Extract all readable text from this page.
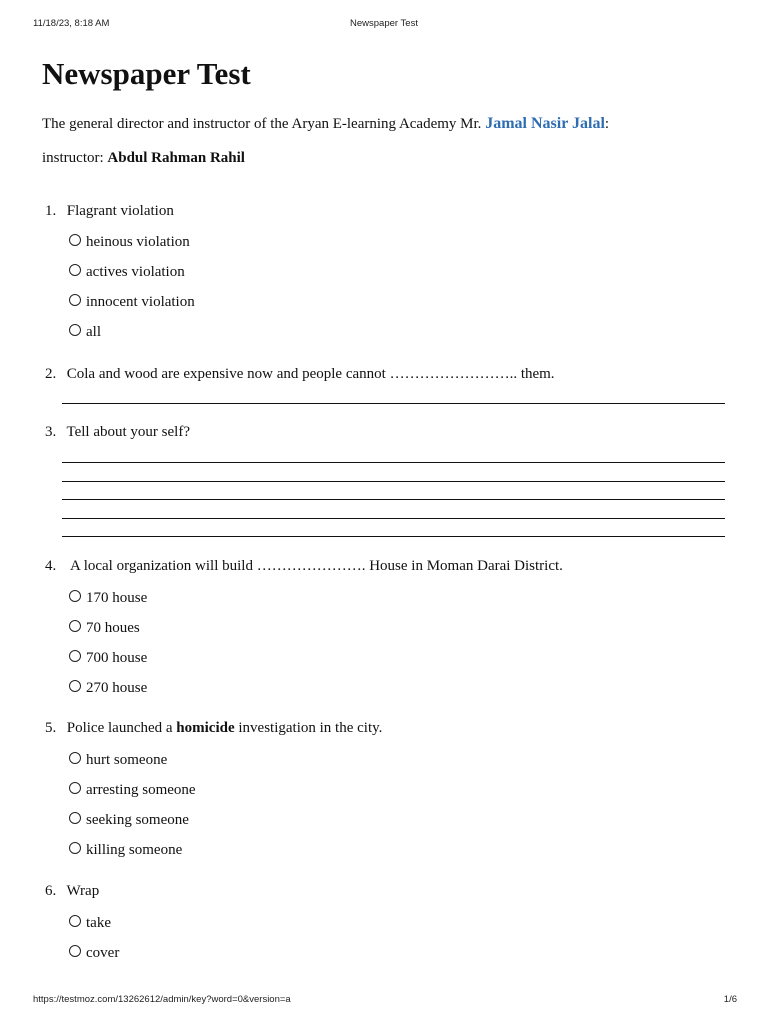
11/18/23, 8:18 AM	Newspaper Test
Newspaper Test
The general director and instructor of the Aryan E-learning Academy Mr. Jamal Nasir Jalal:
instructor: Abdul Rahman Rahil
1. Flagrant violation
heinous violation
actives violation
innocent violation
all
2. Cola and wood are expensive now and people cannot …………………….. them.
3. Tell about your self?
4. A local organization will build …………………. House in Moman Darai District.
170 house
70 houes
700 house
270 house
5. Police launched a homicide investigation in the city.
hurt someone
arresting someone
seeking someone
killing someone
6. Wrap
take
cover
https://testmoz.com/13262612/admin/key?word=0&version=a	1/6
